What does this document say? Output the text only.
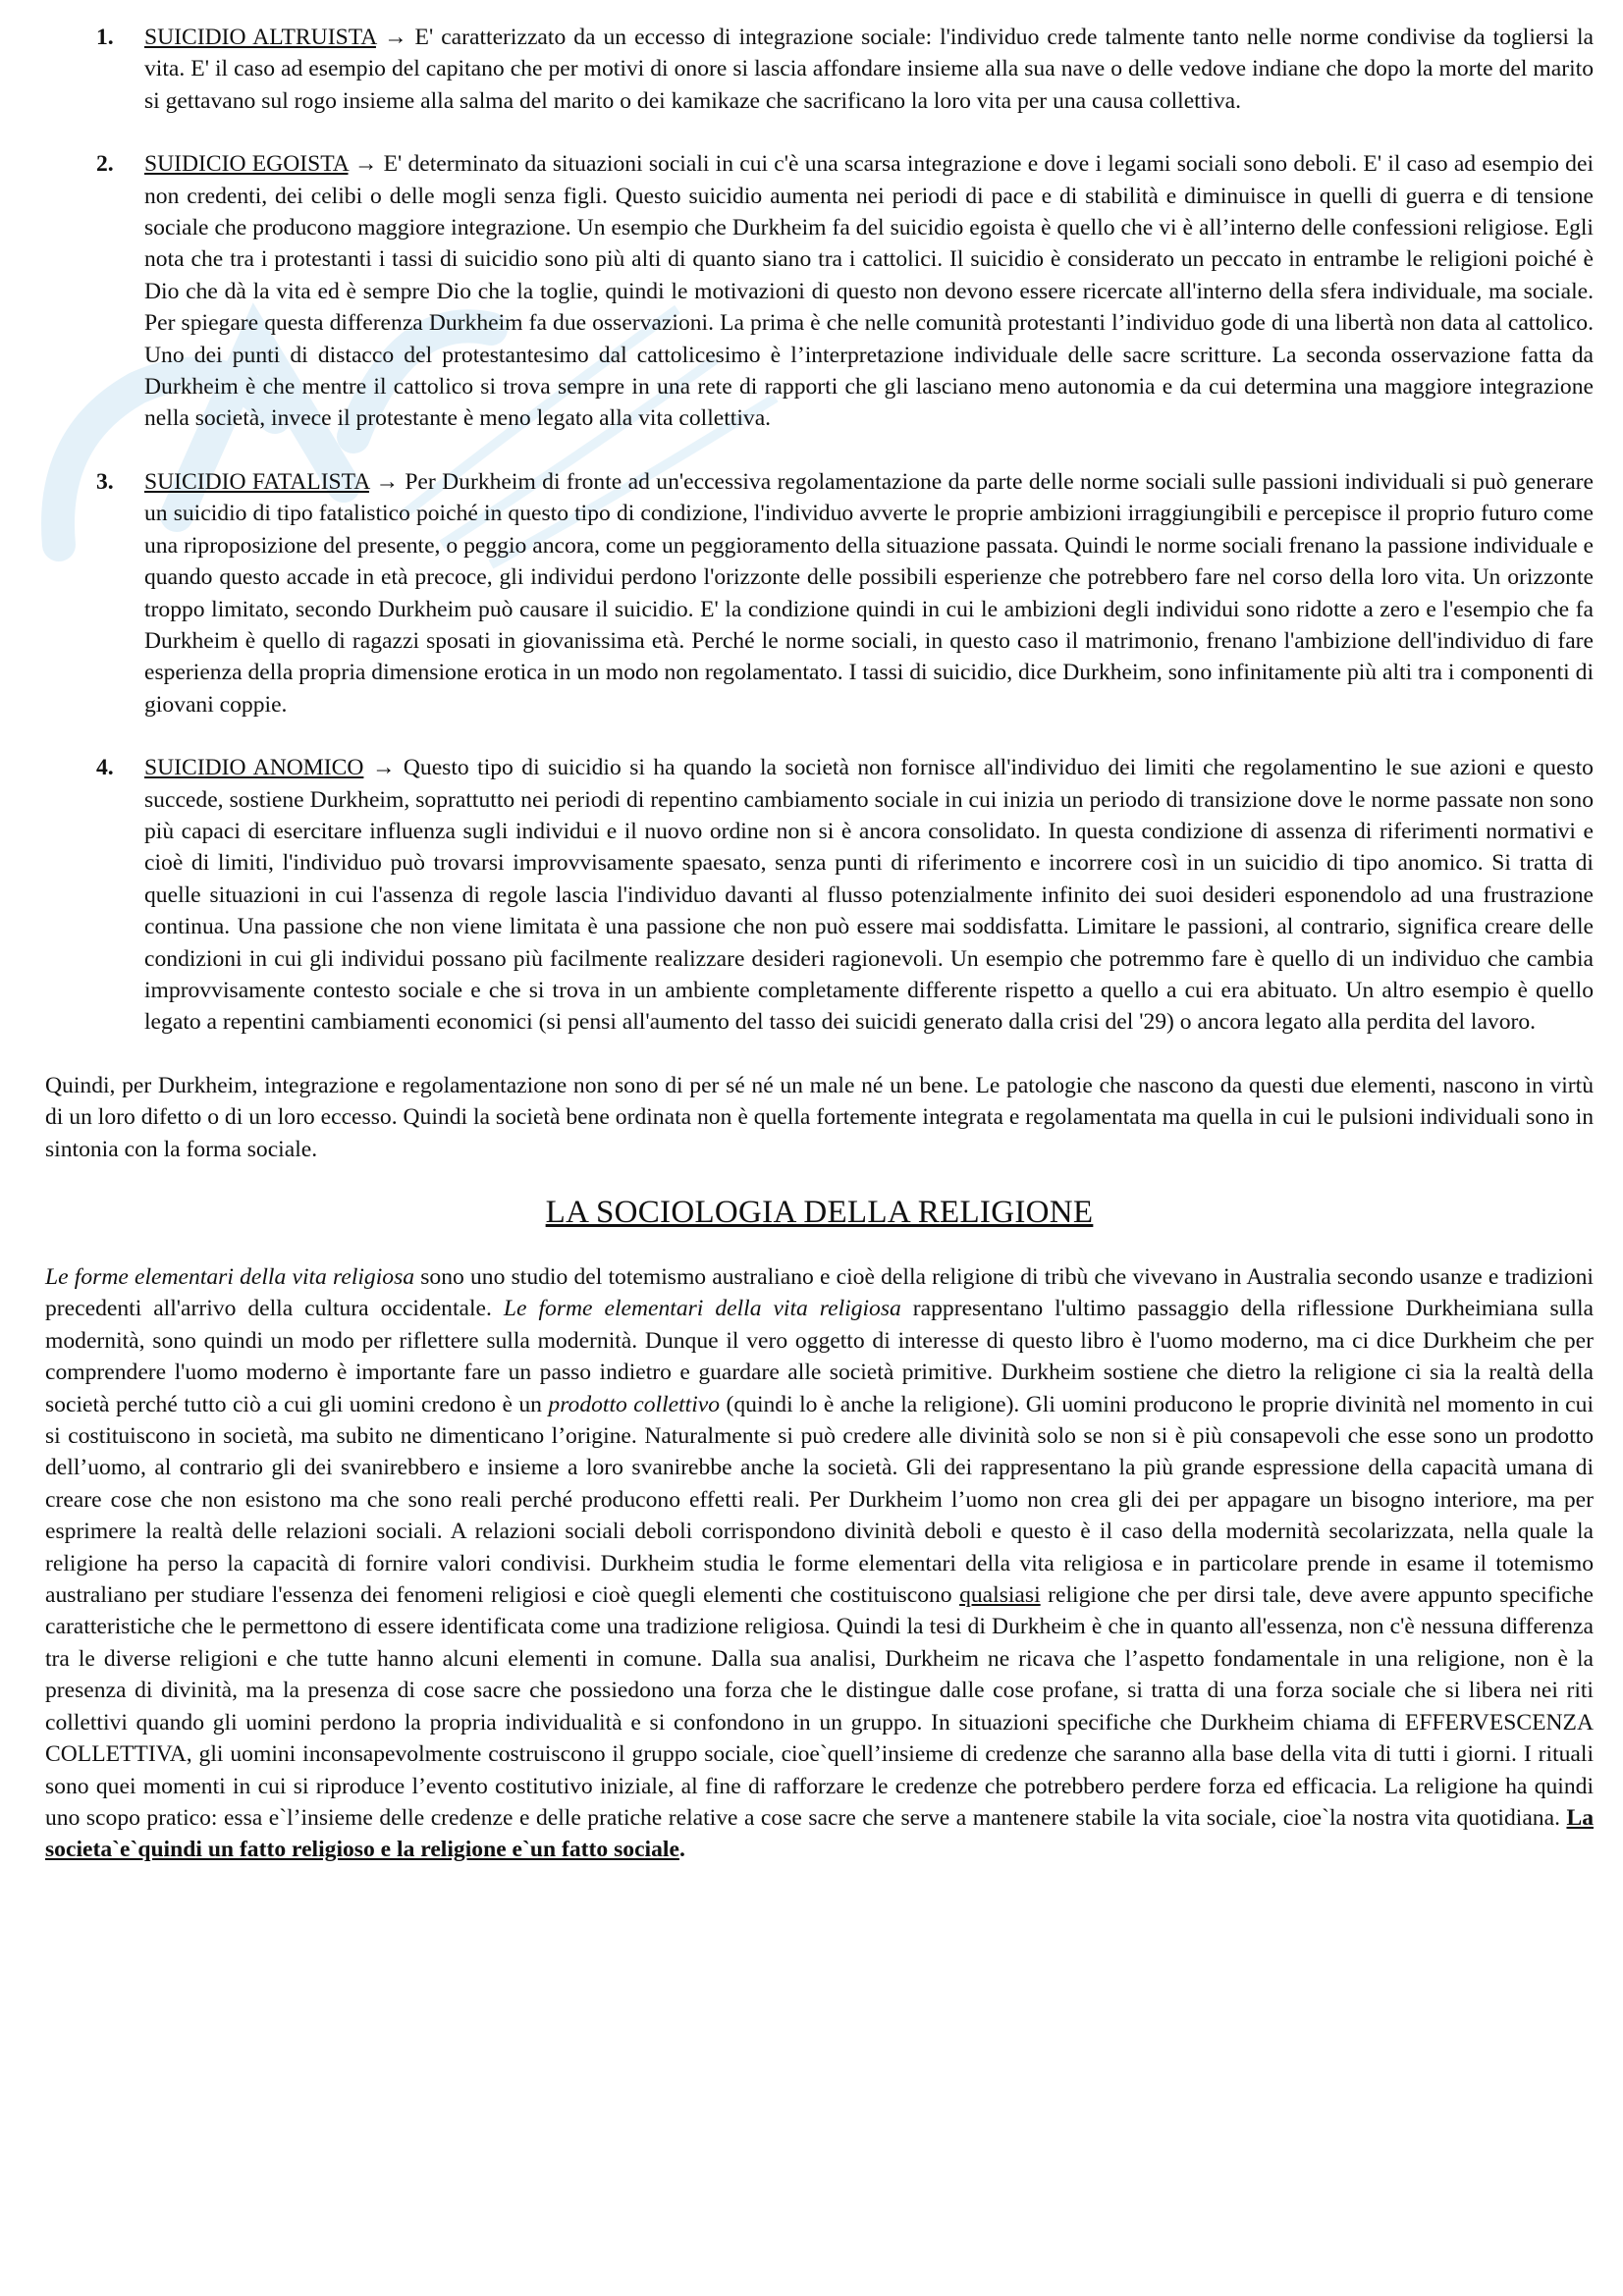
1. SUICIDIO ALTRUISTA → E' caratterizzato da un eccesso di integrazione sociale: l'individuo crede talmente tanto nelle norme condivise da togliersi la vita. E' il caso ad esempio del capitano che per motivi di onore si lascia affondare insieme alla sua nave o delle vedove indiane che dopo la morte del marito si gettavano sul rogo insieme alla salma del marito o dei kamikaze che sacrificano la loro vita per una causa collettiva.
2. SUIDICIO EGOISTA → E' determinato da situazioni sociali in cui c'è una scarsa integrazione e dove i legami sociali sono deboli. E' il caso ad esempio dei non credenti, dei celibi o delle mogli senza figli. Questo suicidio aumenta nei periodi di pace e di stabilità e diminuisce in quelli di guerra e di tensione sociale che producono maggiore integrazione. Un esempio che Durkheim fa del suicidio egoista è quello che vi è all’interno delle confessioni religiose. Egli nota che tra i protestanti i tassi di suicidio sono più alti di quanto siano tra i cattolici. Il suicidio è considerato un peccato in entrambe le religioni poiché è Dio che dà la vita ed è sempre Dio che la toglie, quindi le motivazioni di questo non devono essere ricercate all'interno della sfera individuale, ma sociale. Per spiegare questa differenza Durkheim fa due osservazioni. La prima è che nelle comunità protestanti l’individuo gode di una libertà non data al cattolico. Uno dei punti di distacco del protestantesimo dal cattolicesimo è l’interpretazione individuale delle sacre scritture. La seconda osservazione fatta da Durkheim è che mentre il cattolico si trova sempre in una rete di rapporti che gli lasciano meno autonomia e da cui determina una maggiore integrazione nella società, invece il protestante è meno legato alla vita collettiva.
3. SUICIDIO FATALISTA → Per Durkheim di fronte ad un'eccessiva regolamentazione da parte delle norme sociali sulle passioni individuali si può generare un suicidio di tipo fatalistico poiché in questo tipo di condizione, l'individuo avverte le proprie ambizioni irraggiungibili e percepisce il proprio futuro come una riproposizione del presente, o peggio ancora, come un peggioramento della situazione passata. Quindi le norme sociali frenano la passione individuale e quando questo accade in età precoce, gli individui perdono l'orizzonte delle possibili esperienze che potrebbero fare nel corso della loro vita. Un orizzonte troppo limitato, secondo Durkheim può causare il suicidio. E' la condizione quindi in cui le ambizioni degli individui sono ridotte a zero e l'esempio che fa Durkheim è quello di ragazzi sposati in giovanissima età. Perché le norme sociali, in questo caso il matrimonio, frenano l'ambizione dell'individuo di fare esperienza della propria dimensione erotica in un modo non regolamentato. I tassi di suicidio, dice Durkheim, sono infinitamente più alti tra i componenti di giovani coppie.
4. SUICIDIO ANOMICO → Questo tipo di suicidio si ha quando la società non fornisce all'individuo dei limiti che regolamentino le sue azioni e questo succede, sostiene Durkheim, soprattutto nei periodi di repentino cambiamento sociale in cui inizia un periodo di transizione dove le norme passate non sono più capaci di esercitare influenza sugli individui e il nuovo ordine non si è ancora consolidato. In questa condizione di assenza di riferimenti normativi e cioè di limiti, l'individuo può trovarsi improvvisamente spaesato, senza punti di riferimento e incorrere così in un suicidio di tipo anomico. Si tratta di quelle situazioni in cui l'assenza di regole lascia l'individuo davanti al flusso potenzialmente infinito dei suoi desideri esponendolo ad una frustrazione continua. Una passione che non viene limitata è una passione che non può essere mai soddisfatta. Limitare le passioni, al contrario, significa creare delle condizioni in cui gli individui possano più facilmente realizzare desideri ragionevoli. Un esempio che potremmo fare è quello di un individuo che cambia improvvisamente contesto sociale e che si trova in un ambiente completamente differente rispetto a quello a cui era abituato. Un altro esempio è quello legato a repentini cambiamenti economici (si pensi all'aumento del tasso dei suicidi generato dalla crisi del '29) o ancora legato alla perdita del lavoro.

Quindi, per Durkheim, integrazione e regolamentazione non sono di per sé né un male né un bene. Le patologie che nascono da questi due elementi, nascono in virtù di un loro difetto o di un loro eccesso. Quindi la società bene ordinata non è quella fortemente integrata e regolamentata ma quella in cui le pulsioni individuali sono in sintonia con la forma sociale.

LA SOCIOLOGIA DELLA RELIGIONE

Le forme elementari della vita religiosa sono uno studio del totemismo australiano e cioè della religione di tribù che vivevano in Australia secondo usanze e tradizioni precedenti all'arrivo della cultura occidentale. Le forme elementari della vita religiosa rappresentano l'ultimo passaggio della riflessione Durkheimiana sulla modernità, sono quindi un modo per riflettere sulla modernità. Dunque il vero oggetto di interesse di questo libro è l'uomo moderno, ma ci dice Durkheim che per comprendere l'uomo moderno è importante fare un passo indietro e guardare alle società primitive. Durkheim sostiene che dietro la religione ci sia la realtà della società perché tutto ciò a cui gli uomini credono è un prodotto collettivo (quindi lo è anche la religione). Gli uomini producono le proprie divinità nel momento in cui si costituiscono in società, ma subito ne dimenticano l’origine. Naturalmente si può credere alle divinità solo se non si è più consapevoli che esse sono un prodotto dell’uomo, al contrario gli dei svanirebbero e insieme a loro svanirebbe anche la società. Gli dei rappresentano la più grande espressione della capacità umana di creare cose che non esistono ma che sono reali perché producono effetti reali. Per Durkheim l’uomo non crea gli dei per appagare un bisogno interiore, ma per esprimere la realtà delle relazioni sociali. A relazioni sociali deboli corrispondono divinità deboli e questo è il caso della modernità secolarizzata, nella quale la religione ha perso la capacità di fornire valori condivisi. Durkheim studia le forme elementari della vita religiosa e in particolare prende in esame il totemismo australiano per studiare l'essenza dei fenomeni religiosi e cioè quegli elementi che costituiscono qualsiasi religione che per dirsi tale, deve avere appunto specifiche caratteristiche che le permettono di essere identificata come una tradizione religiosa. Quindi la tesi di Durkheim è che in quanto all'essenza, non c'è nessuna differenza tra le diverse religioni e che tutte hanno alcuni elementi in comune. Dalla sua analisi, Durkheim ne ricava che l’aspetto fondamentale in una religione, non è la presenza di divinità, ma la presenza di cose sacre che possiedono una forza che le distingue dalle cose profane, si tratta di una forza sociale che si libera nei riti collettivi quando gli uomini perdono la propria individualità e si confondono in un gruppo. In situazioni specifiche che Durkheim chiama di EFFERVESCENZA COLLETTIVA, gli uomini inconsapevolmente costruiscono il gruppo sociale, cioe`quell’insieme di credenze che saranno alla base della vita di tutti i giorni. I rituali sono quei momenti in cui si riproduce l’evento costitutivo iniziale, al fine di rafforzare le credenze che potrebbero perdere forza ed efficacia. La religione ha quindi uno scopo pratico: essa e`l’insieme delle credenze e delle pratiche relative a cose sacre che serve a mantenere stabile la vita sociale, cioe`la nostra vita quotidiana. La societa`e`quindi un fatto religioso e la religione e`un fatto sociale.
